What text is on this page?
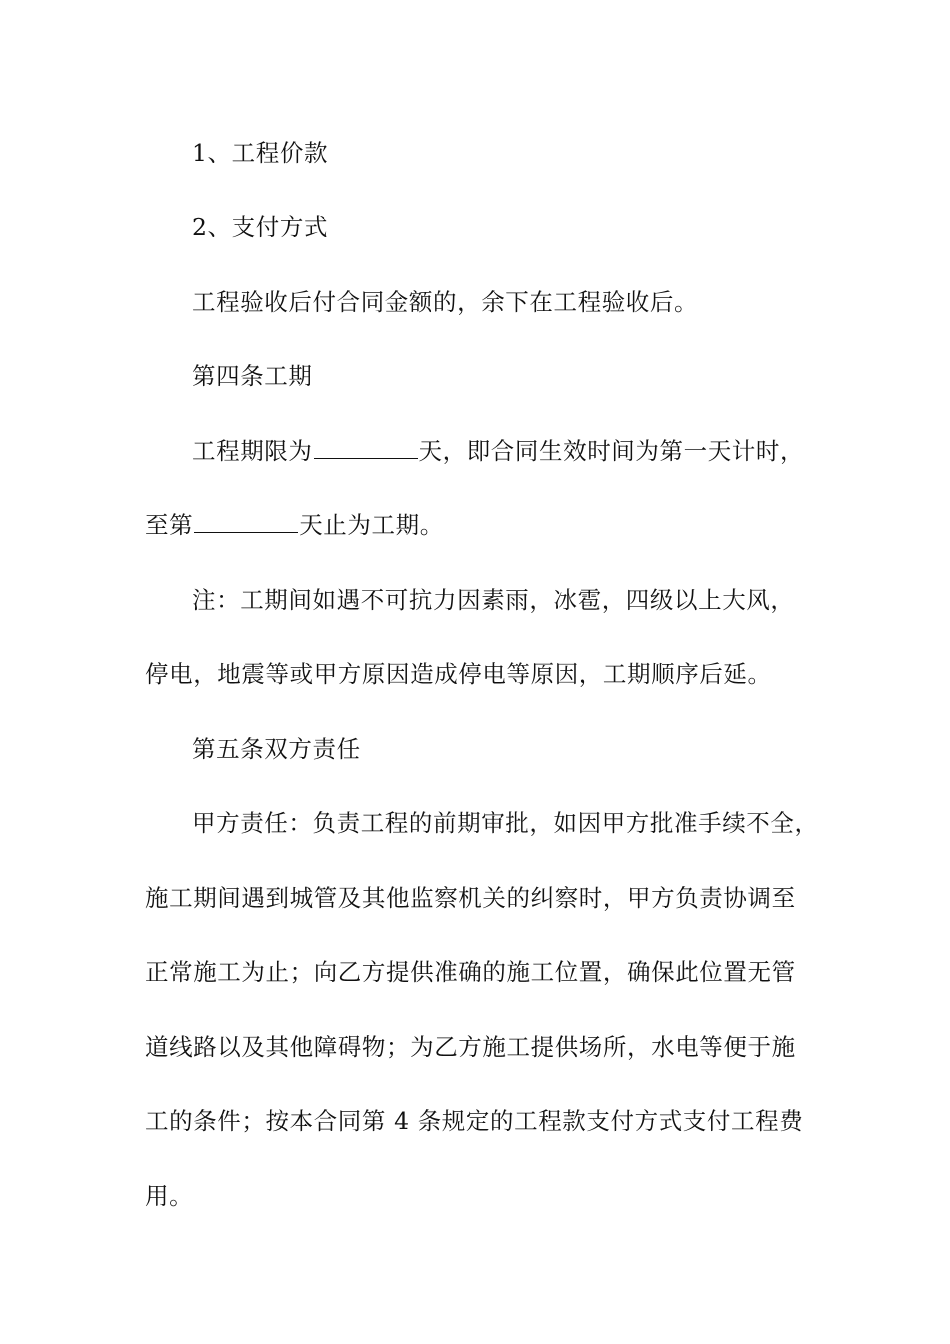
1、工程价款
2、支付方式
工程验收后付合同金额的，余下在工程验收后。
第四条工期
工程期限为	天，即合同生效时间为第一天计时，
至第	天止为工期。
注：工期间如遇不可抗力因素雨，冰雹，四级以上大风，
停电，地震等或甲方原因造成停电等原因，工期顺序后延。
第五条双方责任
甲方责任：负责工程的前期审批，如因甲方批准手续不全，
施工期间遇到城管及其他监察机关的纠察时，甲方负责协调至
正常施工为止；向乙方提供准确的施工位置，确保此位置无管
道线路以及其他障碍物；为乙方施工提供场所，水电等便于施
工的条件；按本合同第 4 条规定的工程款支付方式支付工程费
用。
